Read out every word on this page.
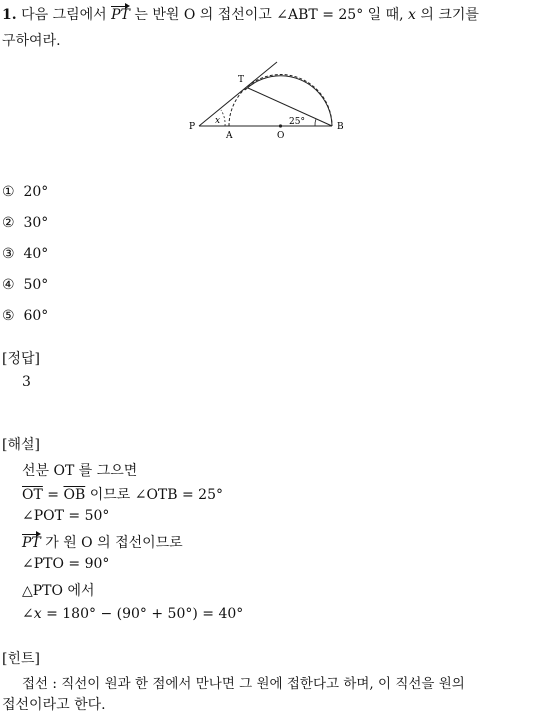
1. 다음 그림에서 PT 는 반원 O 의 접선이고 ∠ABT = 25° 일 때, x 의 크기를
구하여라.
P
A	O
B
T
x	25°
① 20°
② 30°
③ 40°
④ 50°
⑤ 60°
[정답]
3
[해설]
선분 OT 를 그으면
$\overline{OT} = \overline{OB}$ 이므로 ∠OTB = 25°
∠POT = 50°
PT 가 원 O 의 접선이므로
∠PTO = 90°
△PTO 에서
∠x = 180° − (90° + 50°) = 40°
[힌트]
접선 : 직선이 원과 한 점에서 만나면 그 원에 접한다고 하며, 이 직선을 원의
접선이라고 한다.
